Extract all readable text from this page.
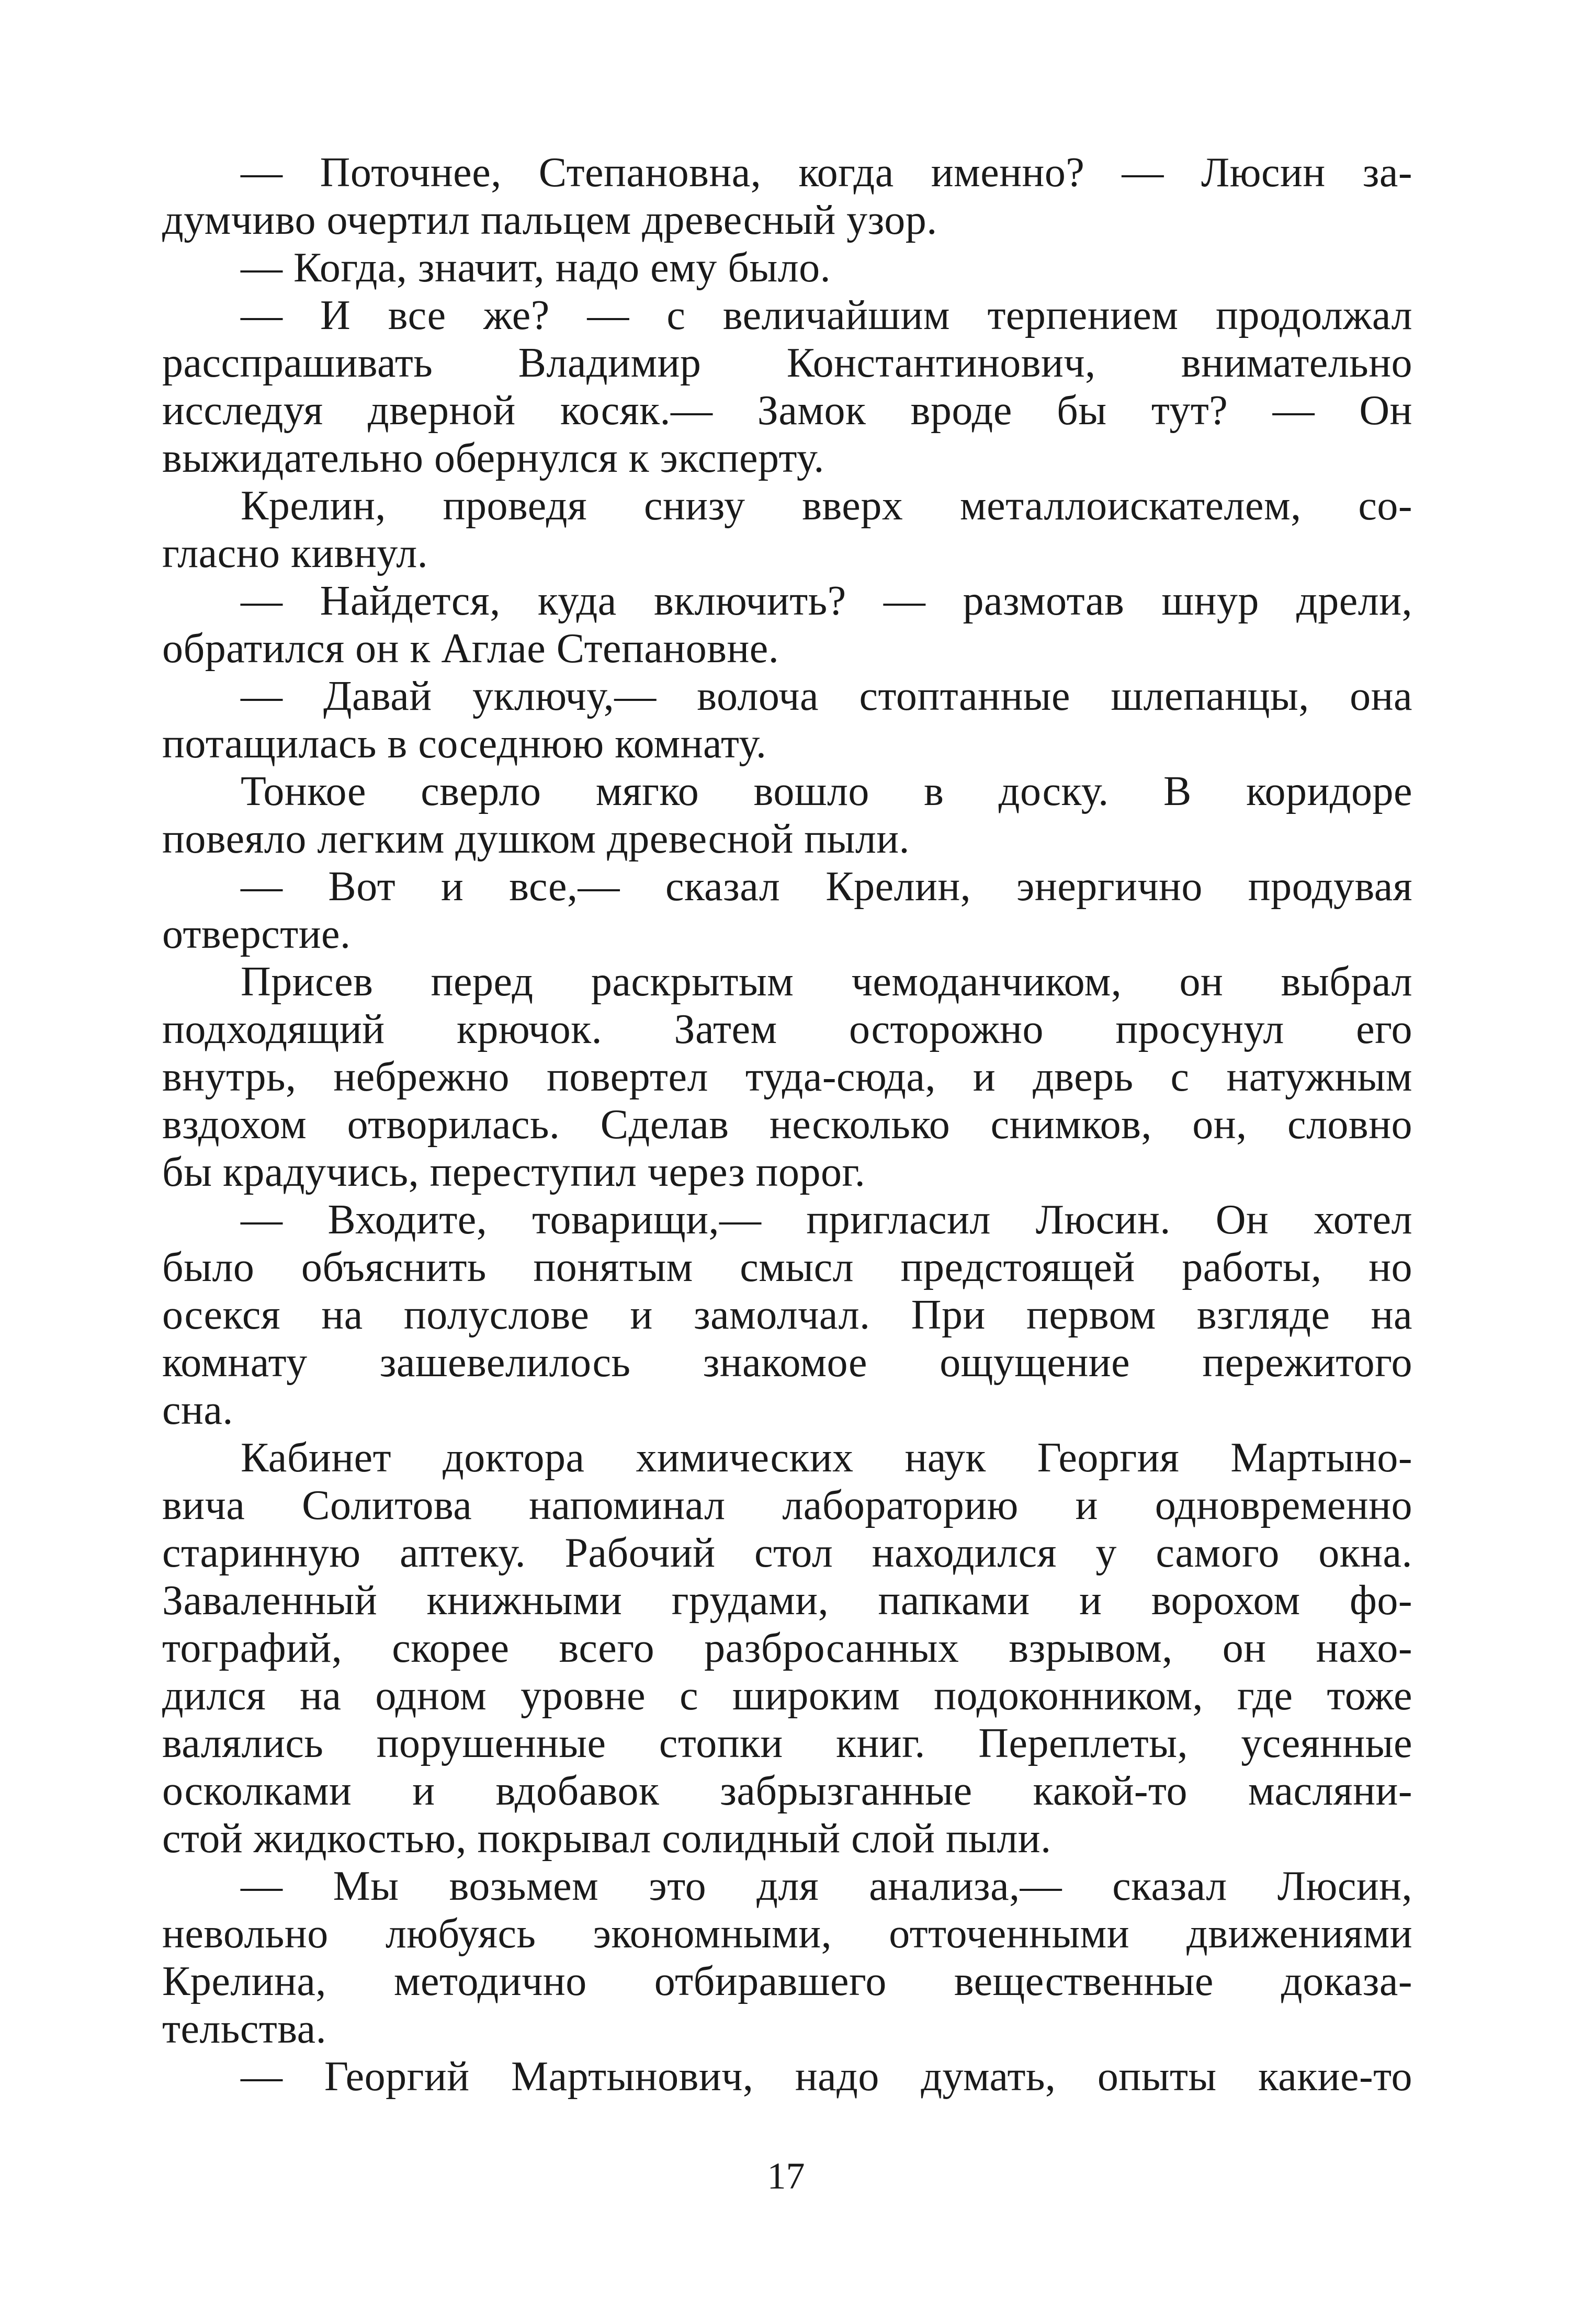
— Поточнее, Степановна, когда именно? — Люсин за-
думчиво очертил пальцем древесный узор.
— Когда, значит, надо ему было.
— И все же? — с величайшим терпением продолжал
расспрашивать Владимир Константинович, внимательно
исследуя дверной косяк.— Замок вроде бы тут? — Он
выжидательно обернулся к эксперту.
Крелин, проведя снизу вверх металлоискателем, со-
гласно кивнул.
— Найдется, куда включить? — размотав шнур дрели,
обратился он к Аглае Степановне.
— Давай уключу,— волоча стоптанные шлепанцы, она
потащилась в соседнюю комнату.
Тонкое сверло мягко вошло в доску. В коридоре
повеяло легким душком древесной пыли.
— Вот и все,— сказал Крелин, энергично продувая
отверстие.
Присев перед раскрытым чемоданчиком, он выбрал
подходящий крючок. Затем осторожно просунул его
внутрь, небрежно повертел туда-сюда, и дверь с натужным
вздохом отворилась. Сделав несколько снимков, он, словно
бы крадучись, переступил через порог.
— Входите, товарищи,— пригласил Люсин. Он хотел
было объяснить понятым смысл предстоящей работы, но
осекся на полуслове и замолчал. При первом взгляде на
комнату зашевелилось знакомое ощущение пережитого
сна.
Кабинет доктора химических наук Георгия Мартыно-
вича Солитова напоминал лабораторию и одновременно
старинную аптеку. Рабочий стол находился у самого окна.
Заваленный книжными грудами, папками и ворохом фо-
тографий, скорее всего разбросанных взрывом, он нахо-
дился на одном уровне с широким подоконником, где тоже
валялись порушенные стопки книг. Переплеты, усеянные
осколками и вдобавок забрызганные какой-то масляни-
стой жидкостью, покрывал солидный слой пыли.
— Мы возьмем это для анализа,— сказал Люсин,
невольно любуясь экономными, отточенными движениями
Крелина, методично отбиравшего вещественные доказа-
тельства.
— Георгий Мартынович, надо думать, опыты какие-то
17
